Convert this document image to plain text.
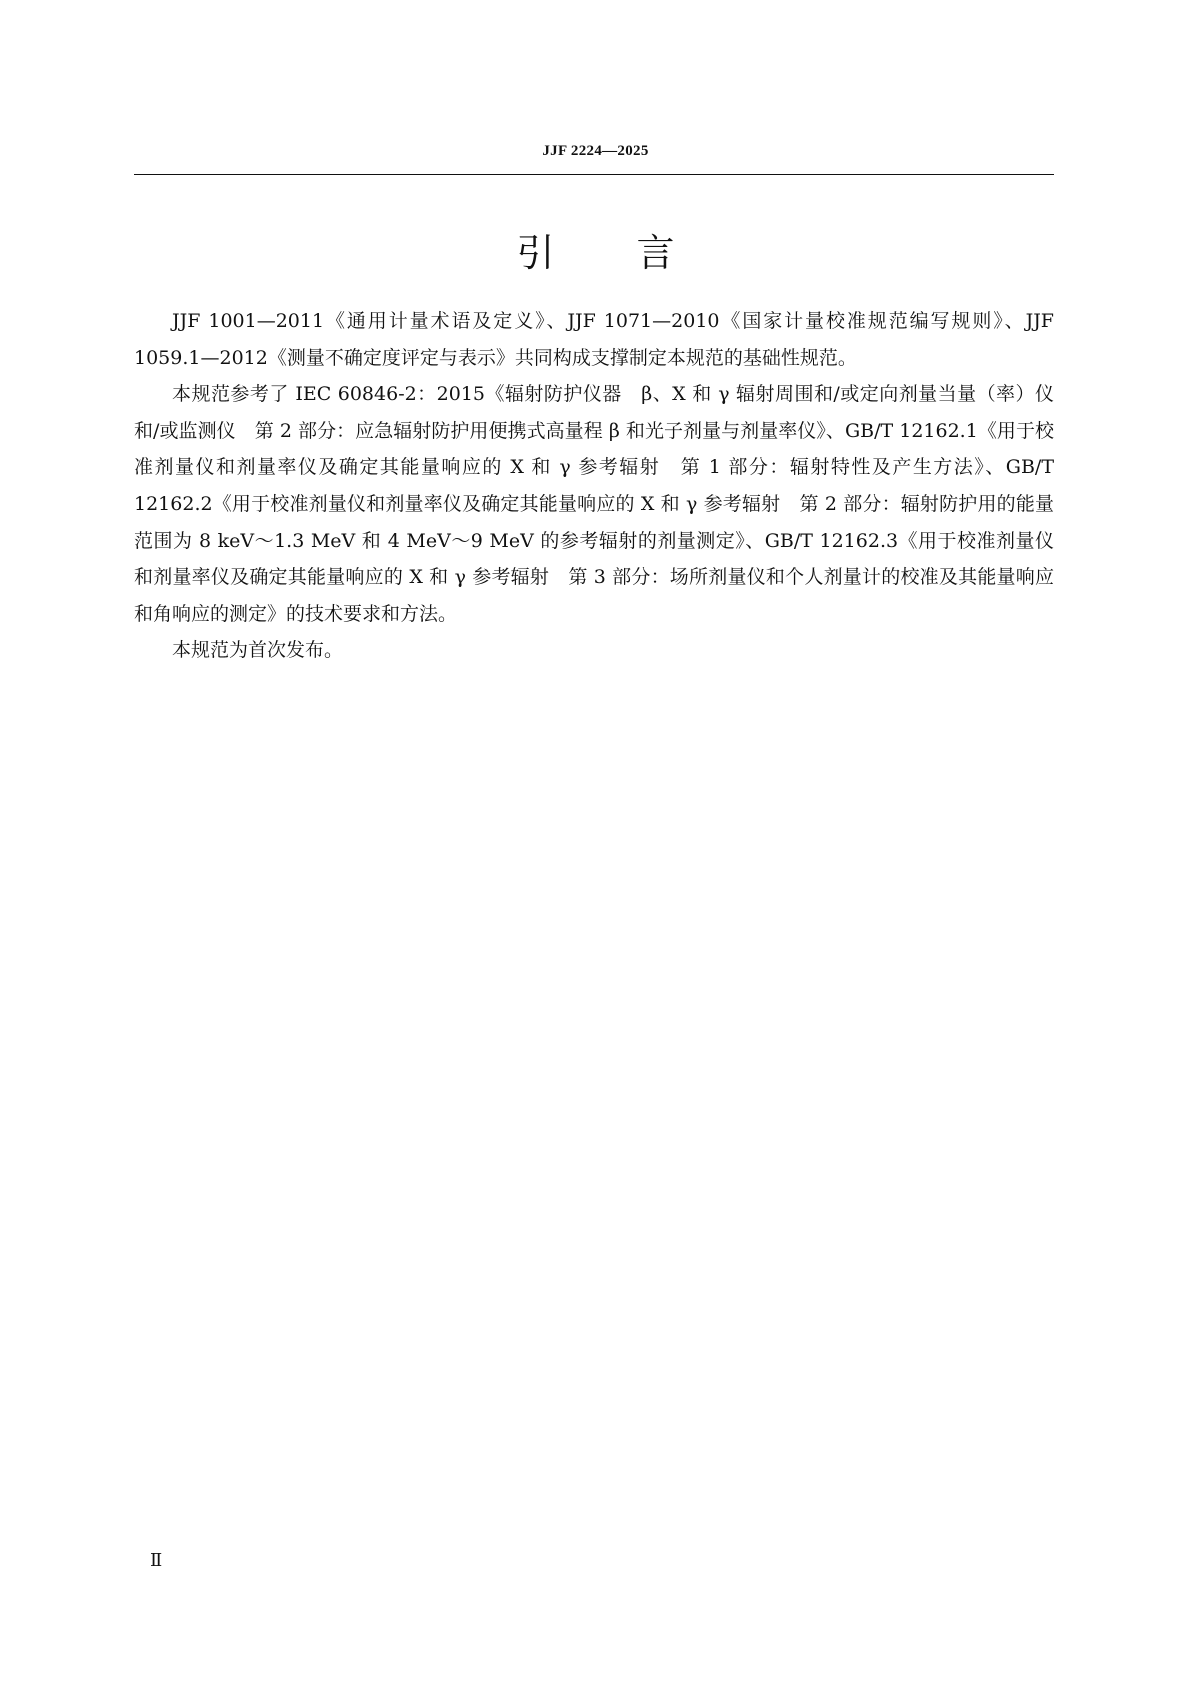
JJF 2224—2025
引 言

JJF 1001—2011《通用计量术语及定义》、JJF 1071—2010《国家计量校准规范编写规则》、JJF 1059.1—2012《测量不确定度评定与表示》共同构成支撑制定本规范的基础性规范。

本规范参考了 IEC 60846-2：2015《辐射防护仪器　β、X 和 γ 辐射周围和/或定向剂量当量（率）仪和/或监测仪　第 2 部分：应急辐射防护用便携式高量程 β 和光子剂量与剂量率仪》、GB/T 12162.1《用于校准剂量仪和剂量率仪及确定其能量响应的 X 和 γ 参考辐射　第 1 部分：辐射特性及产生方法》、GB/T 12162.2《用于校准剂量仪和剂量率仪及确定其能量响应的 X 和 γ 参考辐射　第 2 部分：辐射防护用的能量范围为 8 keV～1.3 MeV 和 4 MeV～9 MeV 的参考辐射的剂量测定》、GB/T 12162.3《用于校准剂量仪和剂量率仪及确定其能量响应的 X 和 γ 参考辐射　第 3 部分：场所剂量仪和个人剂量计的校准及其能量响应和角响应的测定》的技术要求和方法。

本规范为首次发布。

Ⅱ
